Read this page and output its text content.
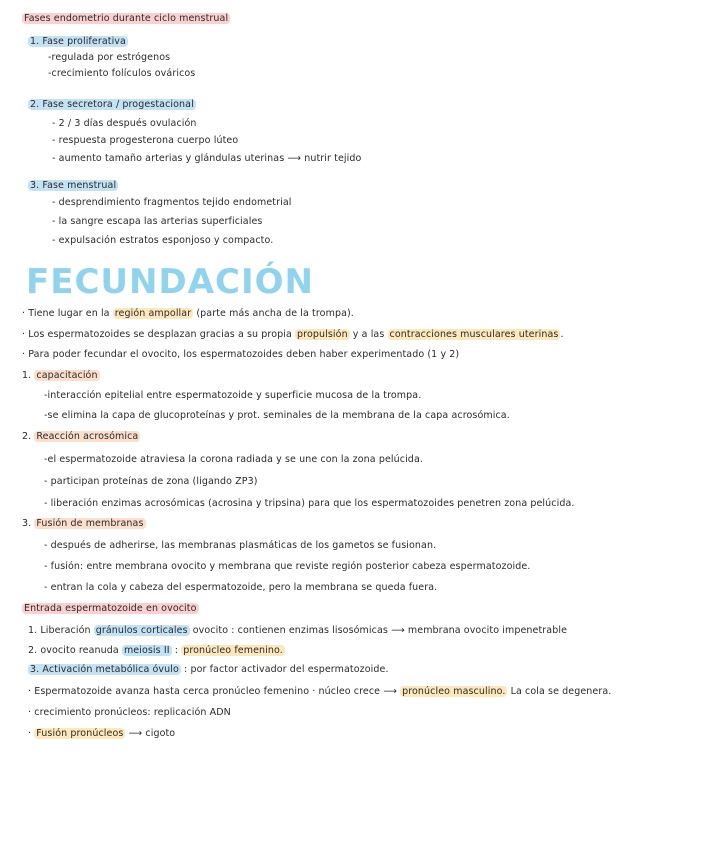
Fases endometrio durante ciclo menstrual
1. Fase proliferativa
-regulada por estrógenos
-crecimiento folículos ováricos
2. Fase secretora / progestacional
- 2 / 3 días después ovulación
- respuesta progesterona cuerpo lúteo
- aumento tamaño arterias y glándulas uterinas ⟶ nutrir tejido
3. Fase menstrual
- desprendimiento fragmentos tejido endometrial
- la sangre escapa las arterias superficiales
- expulsación estratos esponjoso y compacto.
FECUNDACIÓN
· Tiene lugar en la región ampollar (parte más ancha de la trompa).
· Los espermatozoides se desplazan gracias a su propia propulsión y a las contracciones musculares uterinas .
· Para poder fecundar el ovocito, los espermatozoides deben haber experimentado (1 y 2)
1. capacitación
-interacción epitelial entre espermatozoide y superficie mucosa de la trompa.
-se elimina la capa de glucoproteínas y prot. seminales de la membrana de la capa acrosómica.
2. Reacción acrosómica
-el espermatozoide atraviesa la corona radiada y se une con la zona pelúcida.
- participan proteínas de zona (ligando ZP3)
- liberación enzimas acrosómicas (acrosina y tripsina) para que los espermatozoides penetren zona pelúcida.
3. Fusión de membranas
- después de adherirse, las membranas plasmáticas de los gametos se fusionan.
- fusión: entre membrana ovocito y membrana que reviste región posterior cabeza espermatozoide.
- entran la cola y cabeza del espermatozoide, pero la membrana se queda fuera.
Entrada espermatozoide en ovocito
1. Liberación gránulos corticales ovocito : contienen enzimas lisosómicas ⟶ membrana ovocito impenetrable
2. ovocito reanuda meiosis II : pronúcleo femenino.
3. Activación metabólica óvulo : por factor activador del espermatozoide.
· Espermatozoide avanza hasta cerca pronúcleo femenino · núcleo crece ⟶ pronúcleo masculino. La cola se degenera.
· crecimiento pronúcleos: replicación ADN
· Fusión pronúcleos ⟶ cigoto
